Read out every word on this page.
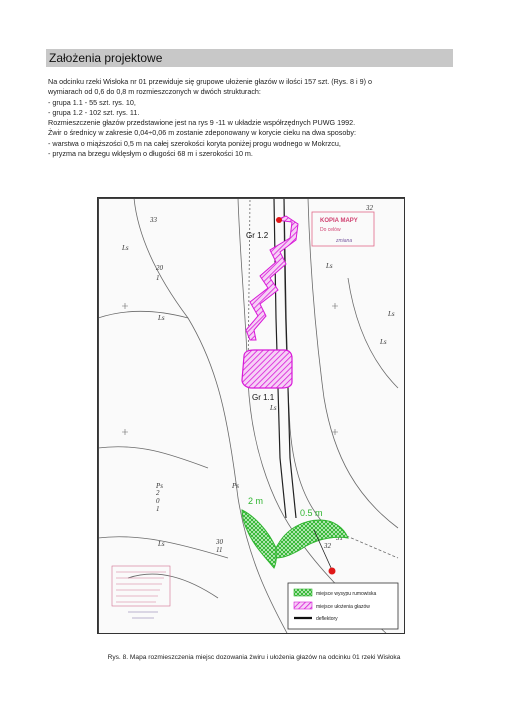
Założenia projektowe
Na odcinku rzeki Wisłoka nr 01 przewiduje się grupowe ułożenie głazów w ilości 157 szt. (Rys. 8 i 9) o
wymiarach od 0,6 do 0,8 m rozmieszczonych w dwóch strukturach:
- grupa 1.1 - 55 szt. rys. 10,
- grupa 1.2 - 102 szt. rys. 11.
Rozmieszczenie głazów przedstawione jest na rys 9 -11 w układzie współrzędnych PUWG 1992.
Żwir o średnicy w zakresie 0,04÷0,06 m zostanie zdeponowany w korycie cieku na dwa sposoby:
- warstwa o miąższości 0,5 m na całej szerokości koryta poniżej progu wodnego w Mokrzcu,
- pryzma na brzegu wklęsłym o długości 68 m i szerokości 10 m.
33
32
20
1
Ls
Ls	Ls
Ls
Ls
Ps	Ps
2
0
1
30
11	32
31
Ls
Ls
KOPIA MAPY
Do celów
zmiana
Gr 1.2
Gr 1.1
2 m
0.5 m
miejsce wysypu rumowiska
miejsce ułożenia głazów
deflektory
Rys. 8. Mapa rozmieszczenia miejsc dozowania żwiru i ułożenia głazów na odcinku 01 rzeki Wisłoka
